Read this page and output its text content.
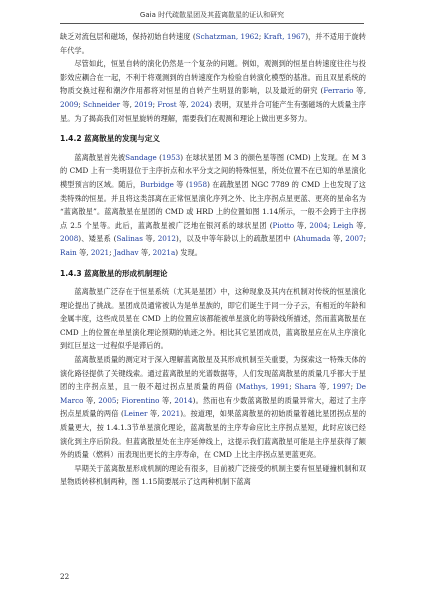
Gaia 时代疏散星团及其蓝离散星的证认和研究

缺乏对流包层和磁场，保持初始自转速度 (Schatzman, 1962; Kraft, 1967)，并不适用于旋转年代学。

尽管如此，恒星自转的演化仍然是一个复杂的问题。例如，观测到的恒星自转速度往往与投影效应耦合在一起，不利于将观测到的自转速度作为检验自转演化模型的基准。而且双星系统的物质交换过程和潮汐作用都将对恒星的自转产生明显的影响，以及最近的研究 (Ferrario 等, 2009; Schneider 等, 2019; Frost 等, 2024) 表明，双星并合可能产生有强磁场的大质量主序星。为了揭高我们对恒星旋转的理解，需要我们在观测和理论上做出更多努力。

1.4.2 蓝离散星的发现与定义

蓝离散星首先被Sandage (1953) 在球状星团 M 3 的颜色星等图 (CMD) 上发现。在 M 3 的 CMD 上有一类明显位于主序折点和水平分支之间的特殊恒星，所处位置不在已知的单星演化模型预言的区域。随后，Burbidge 等 (1958) 在疏散星团 NGC 7789 的 CMD 上也发现了这类特殊的恒星。并且将这类部离在正常恒星演化序列之外、比主序拐点星更蓝、更亮的星命名为 “蓝离散星”。蓝离散星在星团的 CMD 或 HRD 上的位置如图 1.14所示，一般不会跨于主序拐点 2.5 个星等。此后，蓝离散星被广泛地在银河系的球状星团 (Piotto 等, 2004; Leigh 等, 2008)、矮星系 (Salinas 等, 2012)，以及中等年龄以上的疏散星团中 (Ahumada 等, 2007; Rain 等, 2021; Jadhav 等, 2021a) 发现。

1.4.3 蓝离散星的形成机制理论

蓝离散星广泛存在于恒星系统（尤其是星团）中，这种现象及其内在机制对传统的恒星演化理论提出了挑战。星团成员通常被认为是单星族的，即它们诞生于同一分子云，有相近的年龄和金属丰度，这些成员星在 CMD 上的位置应该都能被单星演化的等龄线所描述，然而蓝离散星在 CMD 上的位置在单星演化理论预期的轨迹之外。相比其它星团成员，蓝离散星应在从主序演化到红巨星这一过程似乎是滞后的。

蓝离散星质量的测定对于深入理解蓝离散星及其形成机制至关重要，为探索这一特殊天体的演化路径提供了关键线索。通过蓝离散星的光谱数据等，人们发现蓝离散星的质量几乎都大于星团的主序拐点星，且一般不超过拐点星质量的两倍 (Mathys, 1991; Shara 等, 1997; De Marco 等, 2005; Fiorentino 等, 2014)。然而也有少数蓝离散星的质量异常大，超过了主序拐点星质量的两倍 (Leiner 等, 2021)。按道理，如果蓝离散星的初始质量着越比星团拐点星的质量更大，按 1.4.1.3节单星演化理论，蓝离散星的主序寿命应比主序拐点星短，此时应该已经演化到主序后阶段。但蓝离散星处在主序延伸线上，这提示我们蓝离散星可能是主序星获得了额外的质量（燃料）而表现出更长的主序寿命，在 CMD 上比主序拐点星更蓝更亮。

早期关于蓝离散星形成机制的理论有很多，目前被广泛接受的机制主要有恒星碰撞机制和双星物质转移机制两种，图 1.15简要展示了这两种机制下蓝离

22
